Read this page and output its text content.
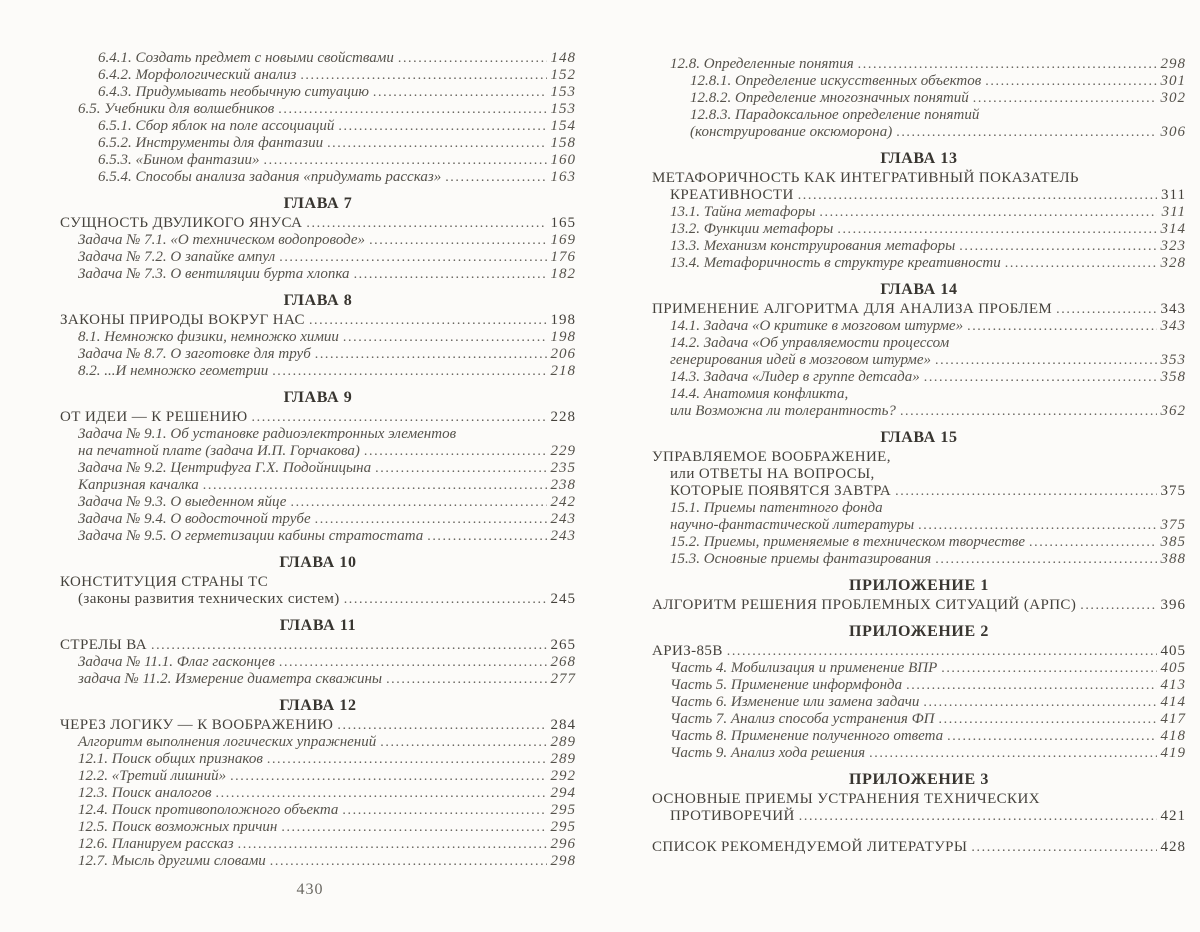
6.4.1. Создать предмет с новыми свойствами .....	148
6.4.2. Морфологический анализ .....	152
6.4.3. Придумывать необычную ситуацию .....	153
6.5. Учебники для волшебников .....	153
6.5.1. Сбор яблок на поле ассоциаций .....	154
6.5.2. Инструменты для фантазии .....	158
6.5.3. «Бином фантазии» .....	160
6.5.4. Способы анализа задания «придумать рассказ» .....	163
ГЛАВА 7
СУЩНОСТЬ ДВУЛИКОГО ЯНУСА .....	165
Задача № 7.1. «О техническом водопроводе» .....	169
Задача № 7.2. О запайке ампул .....	176
Задача № 7.3. О вентиляции бурта хлопка .....	182
ГЛАВА 8
ЗАКОНЫ ПРИРОДЫ ВОКРУГ НАС .....	198
8.1. Немножко физики, немножко химии .....	198
Задача № 8.7. О заготовке для труб .....	206
8.2. ...И немножко геометрии .....	218
ГЛАВА 9
ОТ ИДЕИ — К РЕШЕНИЮ .....	228
Задача № 9.1. Об установке радиоэлектронных элементов
на печатной плате (задача И.П. Горчакова) .....	229
Задача № 9.2. Центрифуга Г.Х. Подойницына .....	235
Капризная качалка .....	238
Задача № 9.3. О выеденном яйце .....	242
Задача № 9.4. О водосточной трубе .....	243
Задача № 9.5. О герметизации кабины стратостата .....	243
ГЛАВА 10
КОНСТИТУЦИЯ СТРАНЫ ТС
(законы развития технических систем) .....	245
ГЛАВА 11
СТРЕЛЫ ВА .....	265
Задача № 11.1. Флаг гасконцев .....	268
задача № 11.2. Измерение диаметра скважины .....	277
ГЛАВА 12
ЧЕРЕЗ ЛОГИКУ — К ВООБРАЖЕНИЮ .....	284
Алгоритм выполнения логических упражнений .....	289
12.1. Поиск общих признаков .....	289
12.2. «Третий лишний» .....	292
12.3. Поиск аналогов .....	294
12.4. Поиск противоположного объекта .....	295
12.5. Поиск возможных причин .....	295
12.6. Планируем рассказ .....	296
12.7. Мысль другими словами .....	298
12.8. Определенные понятия .....	298
12.8.1. Определение искусственных объектов .....	301
12.8.2. Определение многозначных понятий .....	302
12.8.3. Парадоксальное определение понятий
(конструирование оксюморона) .....	306
ГЛАВА 13
МЕТАФОРИЧНОСТЬ КАК ИНТЕГРАТИВНЫЙ ПОКАЗАТЕЛЬ
КРЕАТИВНОСТИ .....	311
13.1. Тайна метафоры .....	311
13.2. Функции метафоры .....	314
13.3. Механизм конструирования метафоры .....	323
13.4. Метафоричность в структуре креативности .....	328
ГЛАВА 14
ПРИМЕНЕНИЕ АЛГОРИТМА ДЛЯ АНАЛИЗА ПРОБЛЕМ .....	343
14.1. Задача «О критике в мозговом штурме» .....	343
14.2. Задача «Об управляемости процессом
генерирования идей в мозговом штурме» .....	353
14.3. Задача «Лидер в группе детсада» .....	358
14.4. Анатомия конфликта,
или Возможна ли толерантность? .....	362
ГЛАВА 15
УПРАВЛЯЕМОЕ ВООБРАЖЕНИЕ,
или ОТВЕТЫ НА ВОПРОСЫ,
КОТОРЫЕ ПОЯВЯТСЯ ЗАВТРА .....	375
15.1. Приемы патентного фонда
научно-фантастической литературы .....	375
15.2. Приемы, применяемые в техническом творчестве .....	385
15.3. Основные приемы фантазирования .....	388
ПРИЛОЖЕНИЕ 1
АЛГОРИТМ РЕШЕНИЯ ПРОБЛЕМНЫХ СИТУАЦИЙ (АРПС) .....	396
ПРИЛОЖЕНИЕ 2
АРИЗ-85В .....	405
Часть 4. Мобилизация и применение ВПР .....	405
Часть 5. Применение информфонда .....	413
Часть 6. Изменение или замена задачи .....	414
Часть 7. Анализ способа устранения ФП .....	417
Часть 8. Применение полученного ответа .....	418
Часть 9. Анализ хода решения .....	419
ПРИЛОЖЕНИЕ 3
ОСНОВНЫЕ ПРИЕМЫ УСТРАНЕНИЯ ТЕХНИЧЕСКИХ
ПРОТИВОРЕЧИЙ .....	421
СПИСОК РЕКОМЕНДУЕМОЙ ЛИТЕРАТУРЫ .....	428
430
